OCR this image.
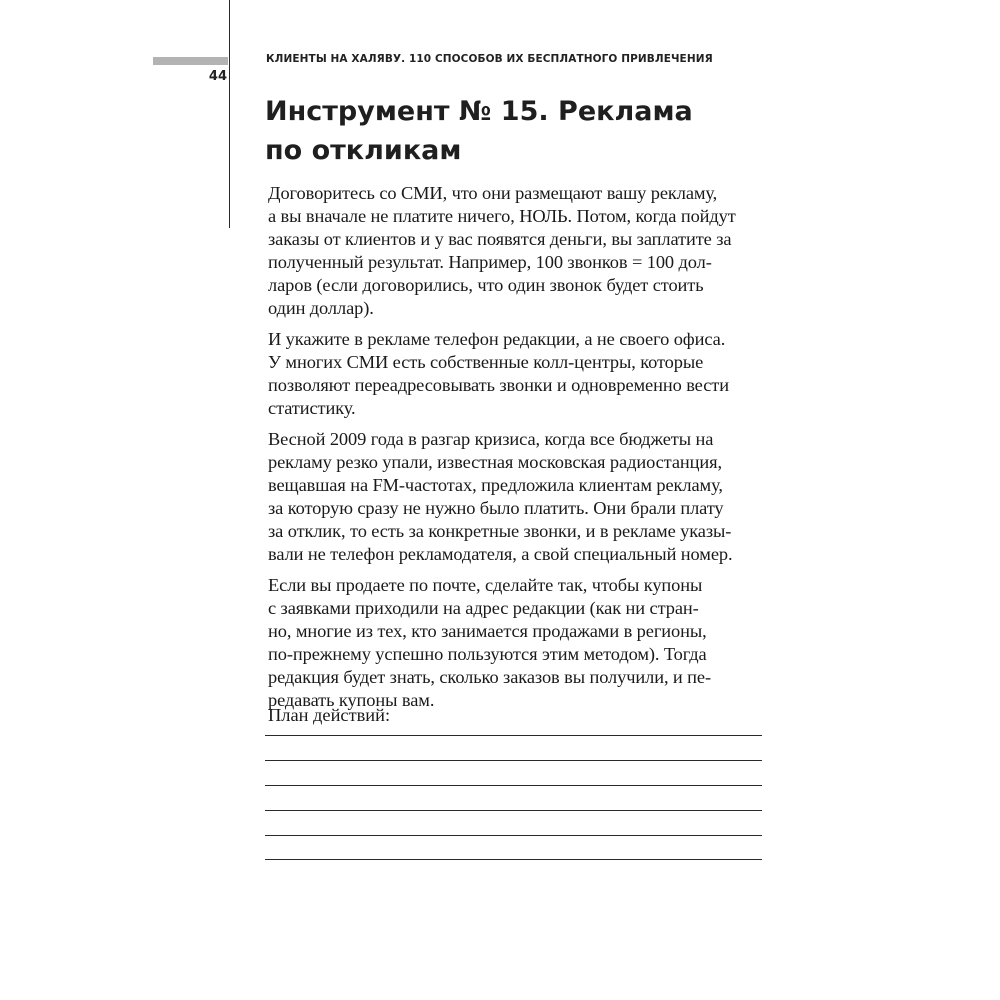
44
КЛИЕНТЫ НА ХАЛЯВУ. 110 СПОСОБОВ ИХ БЕСПЛАТНОГО ПРИВЛЕЧЕНИЯ
Инструмент № 15. Реклама
по откликам

Договоритесь со СМИ, что они размещают вашу рекламу,
а вы вначале не платите ничего, НОЛЬ. Потом, когда пойдут
заказы от клиентов и у вас появятся деньги, вы заплатите за
полученный результат. Например, 100 звонков = 100 дол-
ларов (если договорились, что один звонок будет стоить
один доллар).

И укажите в рекламе телефон редакции, а не своего офиса.
У многих СМИ есть собственные колл-центры, которые
позволяют переадресовывать звонки и одновременно вести
статистику.

Весной 2009 года в разгар кризиса, когда все бюджеты на
рекламу резко упали, известная московская радиостанция,
вещавшая на FM-частотах, предложила клиентам рекламу,
за которую сразу не нужно было платить. Они брали плату
за отклик, то есть за конкретные звонки, и в рекламе указы-
вали не телефон рекламодателя, а свой специальный номер.

Если вы продаете по почте, сделайте так, чтобы купоны
с заявками приходили на адрес редакции (как ни стран-
но, многие из тех, кто занимается продажами в регионы,
по-прежнему успешно пользуются этим методом). Тогда
редакция будет знать, сколько заказов вы получили, и пе-
редавать купоны вам.

План действий:
